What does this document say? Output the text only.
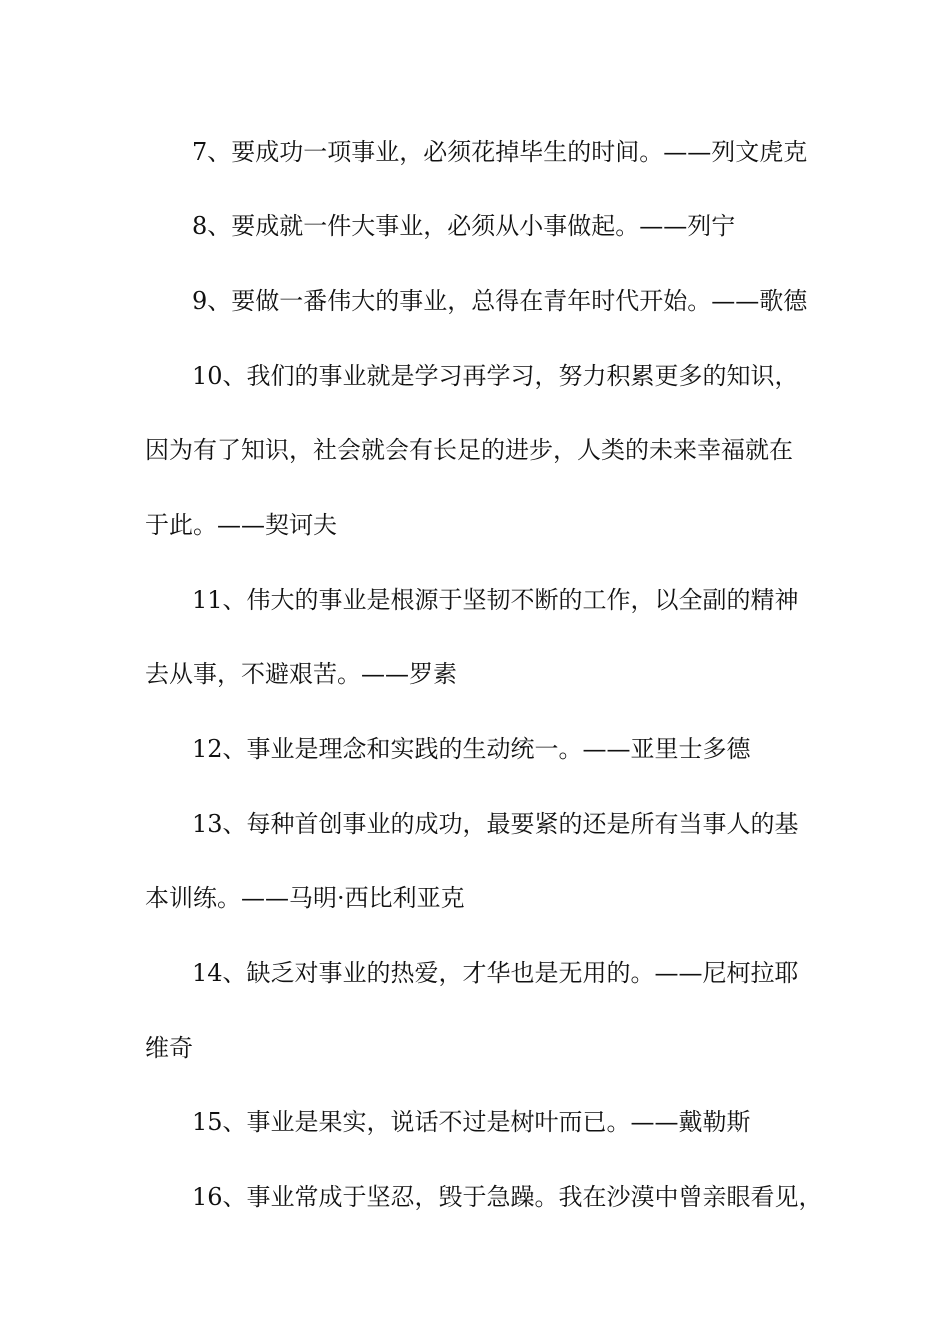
7、要成功一项事业，必须花掉毕生的时间。——列文虎克
8、要成就一件大事业，必须从小事做起。——列宁
9、要做一番伟大的事业，总得在青年时代开始。——歌德
10、我们的事业就是学习再学习，努力积累更多的知识，
因为有了知识，社会就会有长足的进步，人类的未来幸福就在
于此。——契诃夫
11、伟大的事业是根源于坚韧不断的工作，以全副的精神
去从事，不避艰苦。——罗素
12、事业是理念和实践的生动统一。——亚里士多德
13、每种首创事业的成功，最要紧的还是所有当事人的基
本训练。——马明·西比利亚克
14、缺乏对事业的热爱，才华也是无用的。——尼柯拉耶
维奇
15、事业是果实，说话不过是树叶而已。——戴勒斯
16、事业常成于坚忍，毁于急躁。我在沙漠中曾亲眼看见，
